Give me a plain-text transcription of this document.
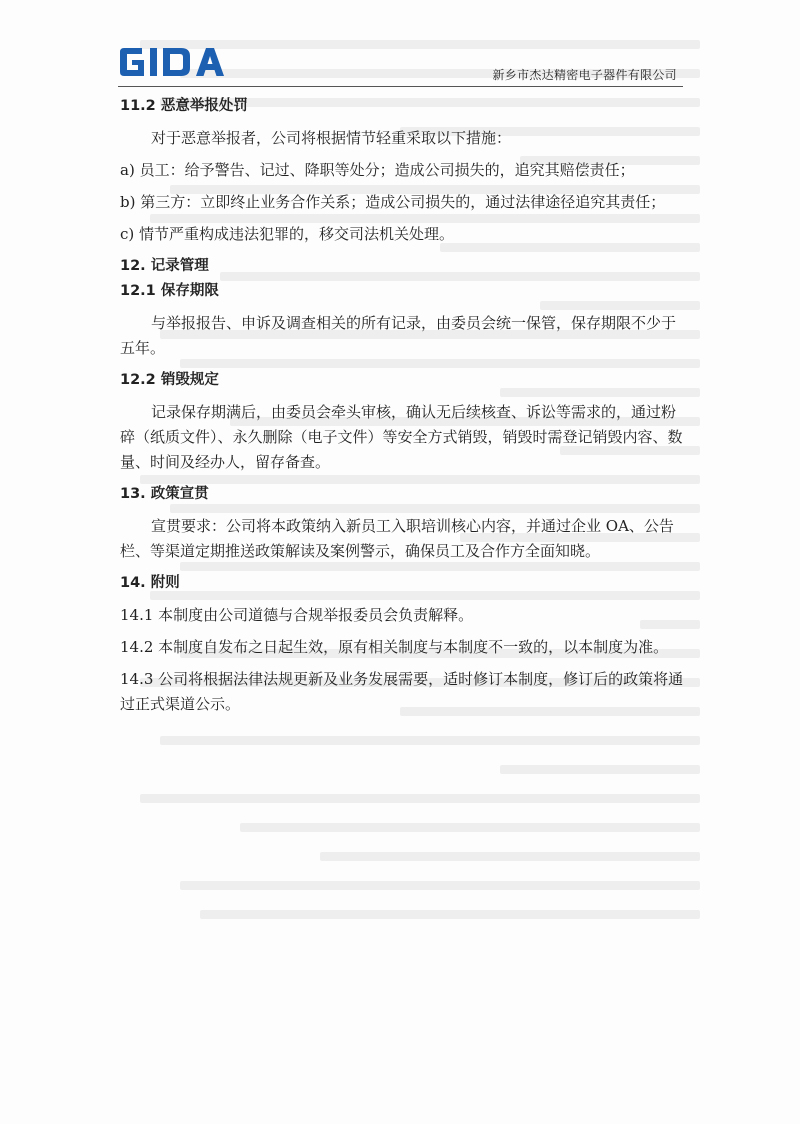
新乡市杰达精密电子器件有限公司

11.2 恶意举报处罚

对于恶意举报者，公司将根据情节轻重采取以下措施：

a) 员工：给予警告、记过、降职等处分；造成公司损失的，追究其赔偿责任；

b) 第三方：立即终止业务合作关系；造成公司损失的，通过法律途径追究其责任；

c) 情节严重构成违法犯罪的，移交司法机关处理。

12. 记录管理

12.1 保存期限

与举报报告、申诉及调查相关的所有记录，由委员会统一保管，保存期限不少于五年。

12.2 销毁规定

记录保存期满后，由委员会牵头审核，确认无后续核查、诉讼等需求的，通过粉碎（纸质文件）、永久删除（电子文件）等安全方式销毁，销毁时需登记销毁内容、数量、时间及经办人，留存备查。

13. 政策宣贯

宣贯要求：公司将本政策纳入新员工入职培训核心内容，并通过企业 OA、公告栏、等渠道定期推送政策解读及案例警示，确保员工及合作方全面知晓。

14. 附则

14.1 本制度由公司道德与合规举报委员会负责解释。

14.2 本制度自发布之日起生效，原有相关制度与本制度不一致的，以本制度为准。

14.3 公司将根据法律法规更新及业务发展需要，适时修订本制度，修订后的政策将通过正式渠道公示。
